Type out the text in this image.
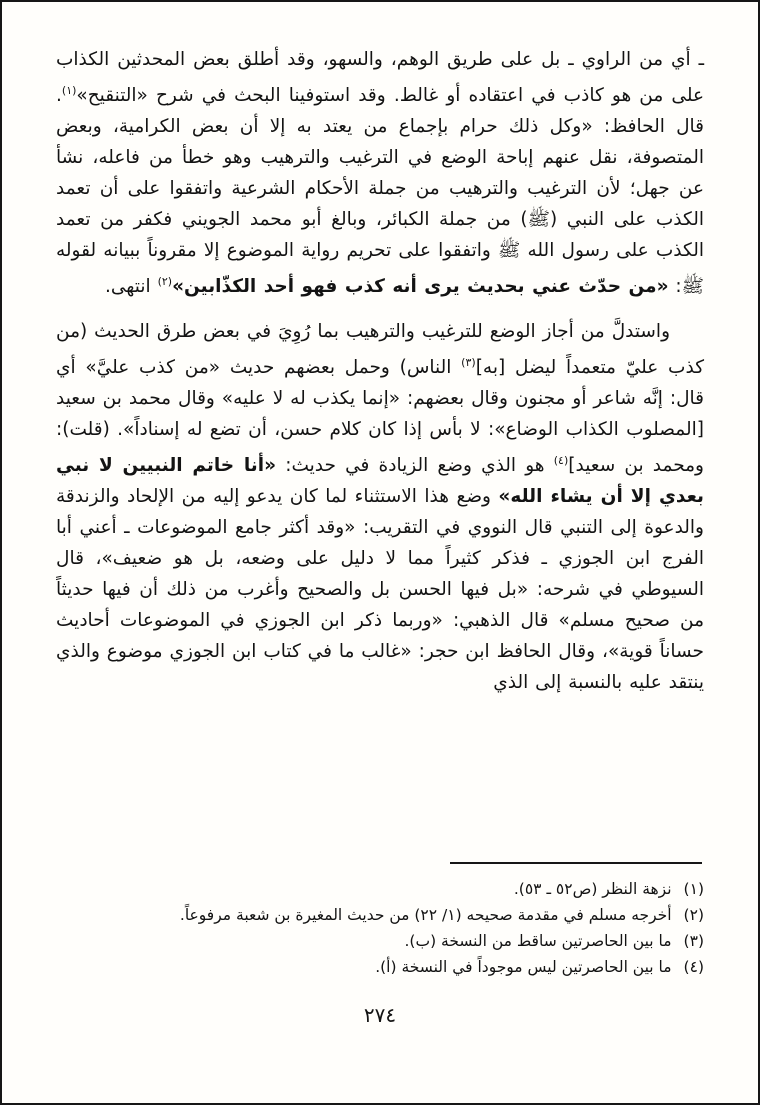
ـ أي من الراوي ـ بل على طريق الوهم، والسهو، وقد أطلق بعض المحدثين الكذاب على من هو كاذب في اعتقاده أو غالط. وقد استوفينا البحث في شرح «التنقيح»$^{(١)}$. قال الحافظ: «وكل ذلك حرام بإجماع من يعتد به إلا أن بعض الكرامية، وبعض المتصوفة، نقل عنهم إباحة الوضع في الترغيب والترهيب وهو خطأ من فاعله، نشأ عن جهل؛ لأن الترغيب والترهيب من جملة الأحكام الشرعية واتفقوا على أن تعمد الكذب على النبي (ﷺ) من جملة الكبائر، وبالغ أبو محمد الجويني فكفر من تعمد الكذب على رسول الله ﷺ واتفقوا على تحريم رواية الموضوع إلا مقروناً ببيانه لقوله ﷺ: «من حدّث عني بحديث يرى أنه كذب فهو أحد الكذّابين»$^{(٢)}$ انتهى.

واستدلَّ من أجاز الوضع للترغيب والترهيب بما رُوِيَ في بعض طرق الحديث (من كذب عليّ متعمداً ليضل [به]$^{(٣)}$ الناس) وحمل بعضهم حديث «من كذب عليَّ» أي قال: إنَّه شاعر أو مجنون وقال بعضهم: «إنما يكذب له لا عليه» وقال محمد بن سعيد [المصلوب الكذاب الوضاع»: لا بأس إذا كان كلام حسن، أن تضع له إسناداً». (قلت): ومحمد بن سعيد]$^{(٤)}$ هو الذي وضع الزيادة في حديث: «أنا خاتم النبيين لا نبي بعدي إلا أن يشاء الله» وضع هذا الاستثناء لما كان يدعو إليه من الإلحاد والزندقة والدعوة إلى التنبي قال النووي في التقريب: «وقد أكثر جامع الموضوعات ـ أعني أبا الفرج ابن الجوزي ـ فذكر كثيراً مما لا دليل على وضعه، بل هو ضعيف»، قال السيوطي في شرحه: «بل فيها الحسن بل والصحيح وأغرب من ذلك أن فيها حديثاً من صحيح مسلم» قال الذهبي: «وربما ذكر ابن الجوزي في الموضوعات أحاديث حساناً قوية»، وقال الحافظ ابن حجر: «غالب ما في كتاب ابن الجوزي موضوع والذي ينتقد عليه بالنسبة إلى الذي

(١)
نزهة النظر (ص٥٢ ـ ٥٣).
(٢)
أخرجه مسلم في مقدمة صحيحه (١/ ٢٢) من حديث المغيرة بن شعبة مرفوعاً.
(٣)
ما بين الحاصرتين ساقط من النسخة (ب).
(٤)
ما بين الحاصرتين ليس موجوداً في النسخة (أ).
٢٧٤
